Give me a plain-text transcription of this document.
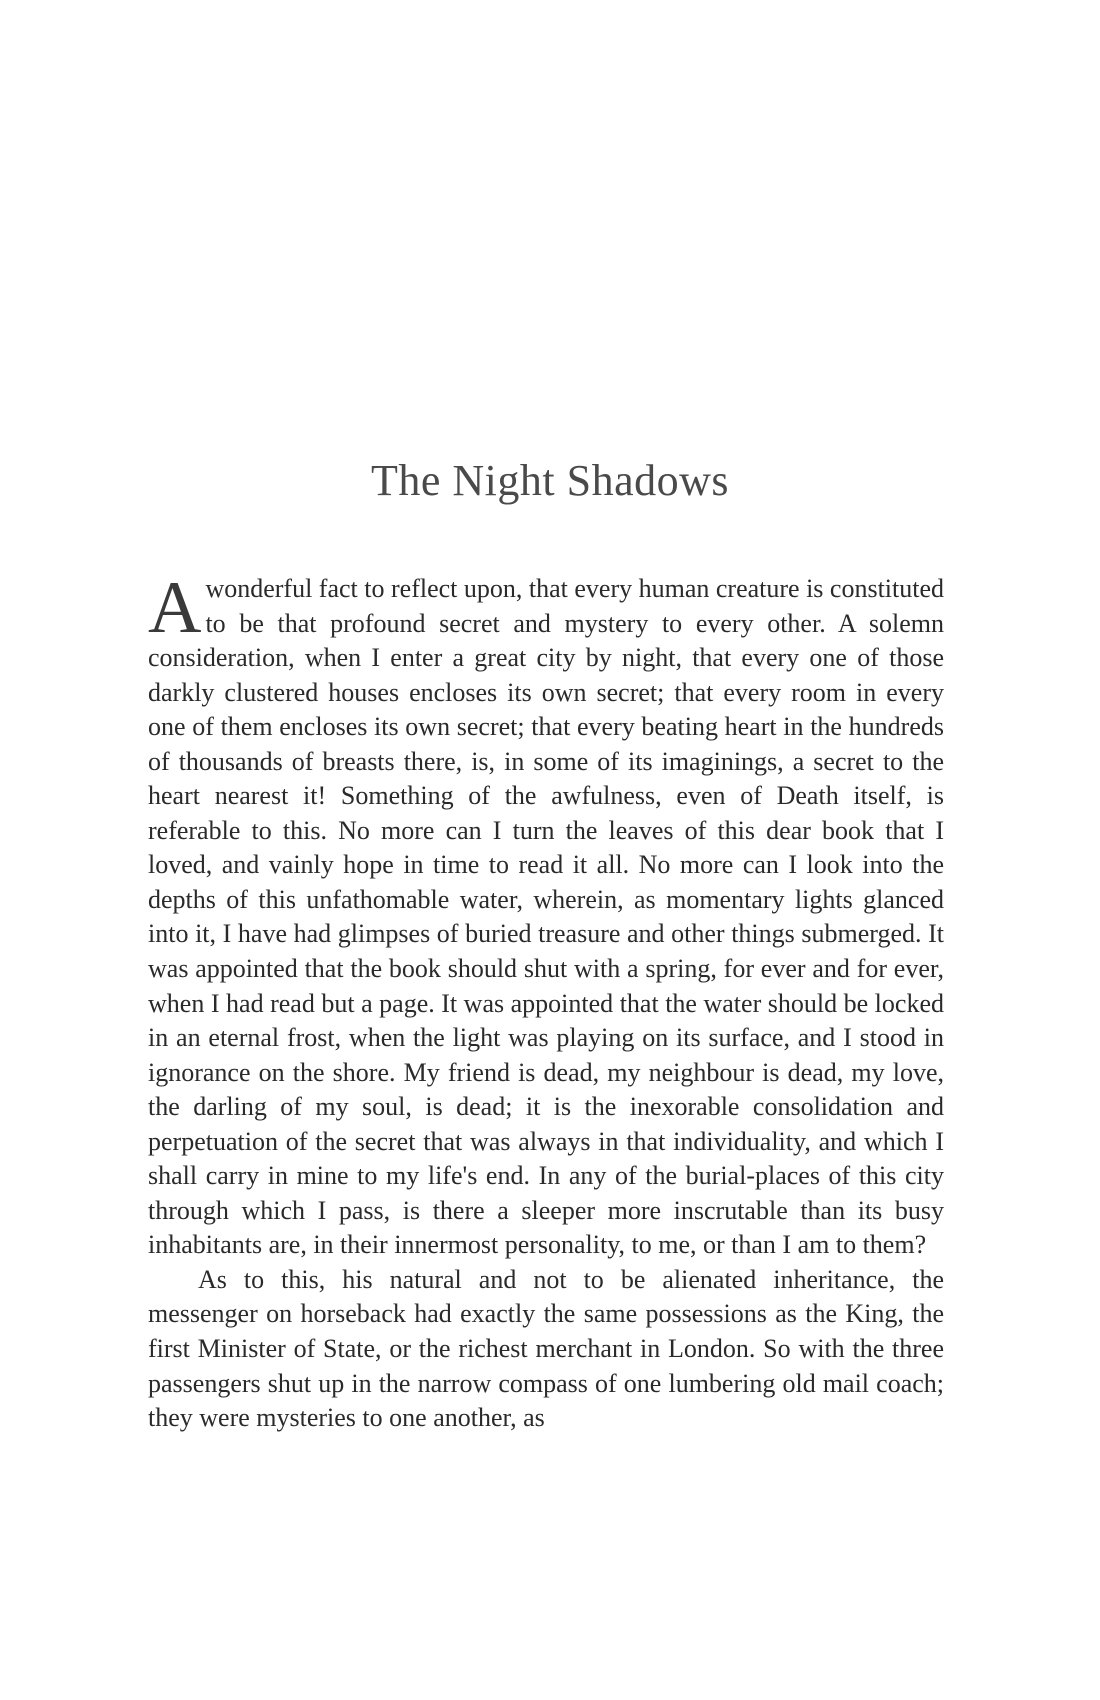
The Night Shadows

Awonderful fact to reflect upon, that every human creature is constituted to be that profound secret and mystery to every other. A solemn consideration, when I enter a great city by night, that every one of those darkly clustered houses encloses its own secret; that every room in every one of them encloses its own secret; that every beating heart in the hundreds of thousands of breasts there, is, in some of its imaginings, a secret to the heart nearest it! Something of the awfulness, even of Death itself, is referable to this. No more can I turn the leaves of this dear book that I loved, and vainly hope in time to read it all. No more can I look into the depths of this unfathomable water, wherein, as momentary lights glanced into it, I have had glimpses of buried treasure and other things submerged. It was appointed that the book should shut with a spring, for ever and for ever, when I had read but a page. It was appointed that the water should be locked in an eternal frost, when the light was playing on its surface, and I stood in ignorance on the shore. My friend is dead, my neighbour is dead, my love, the darling of my soul, is dead; it is the inexorable consolidation and perpetuation of the secret that was always in that individuality, and which I shall carry in mine to my life's end. In any of the burial-places of this city through which I pass, is there a sleeper more inscrutable than its busy inhabitants are, in their innermost personality, to me, or than I am to them?

As to this, his natural and not to be alienated inheritance, the messenger on horseback had exactly the same possessions as the King, the first Minister of State, or the richest merchant in London. So with the three passengers shut up in the narrow compass of one lumbering old mail coach; they were mysteries to one another, as
